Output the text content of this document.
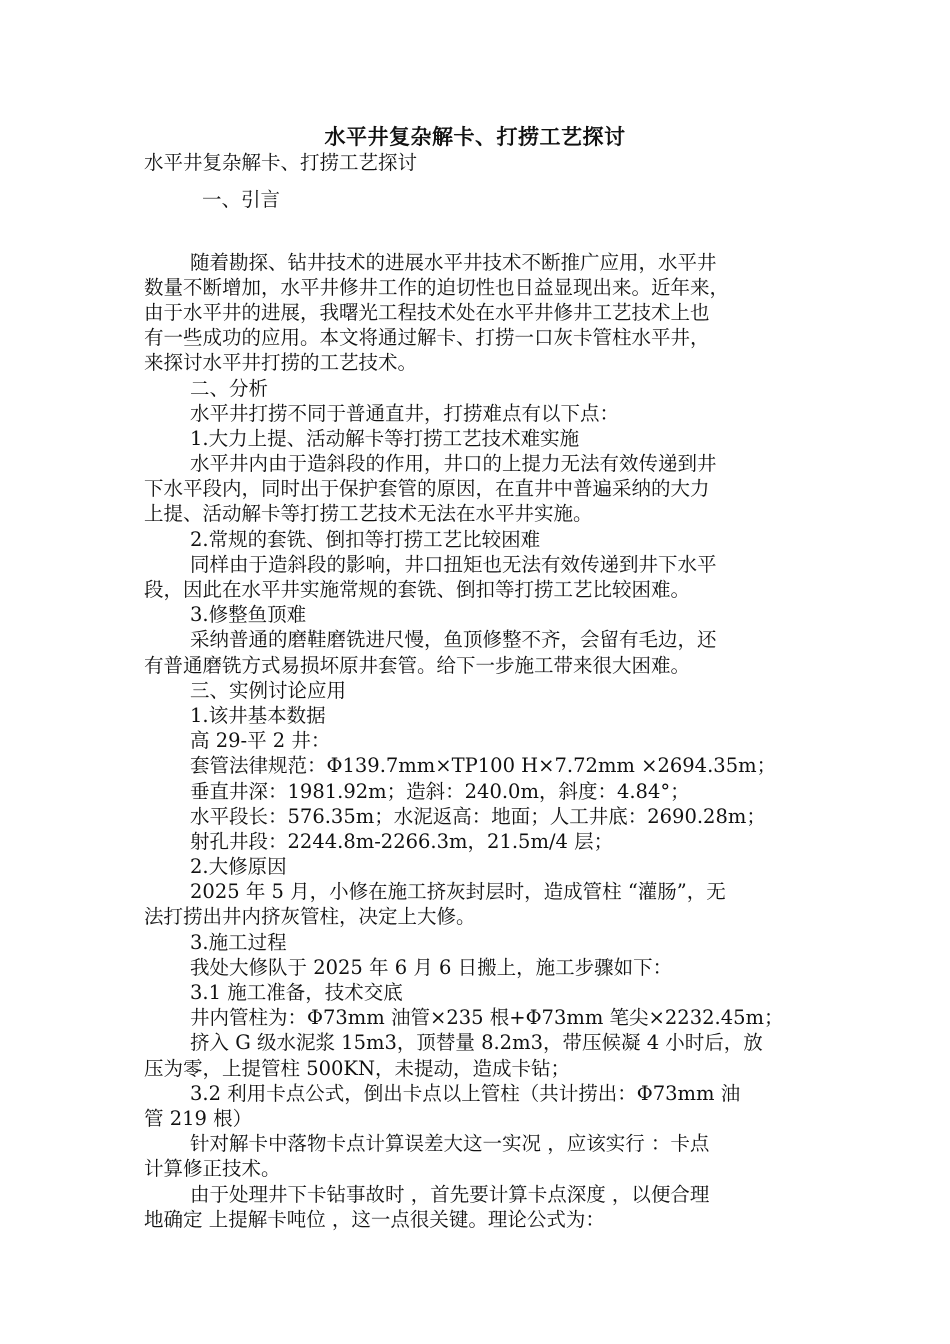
水平井复杂解卡、打捞工艺探讨
水平井复杂解卡、打捞工艺探讨
一、引言
随着勘探、钻井技术的进展水平井技术不断推广应用，水平井
数量不断增加，水平井修井工作的迫切性也日益显现出来。近年来，
由于水平井的进展，我曙光工程技术处在水平井修井工艺技术上也
有一些成功的应用。本文将通过解卡、打捞一口灰卡管柱水平井，
来探讨水平井打捞的工艺技术。
二、分析
水平井打捞不同于普通直井，打捞难点有以下点：
1.大力上提、活动解卡等打捞工艺技术难实施
水平井内由于造斜段的作用，井口的上提力无法有效传递到井
下水平段内，同时出于保护套管的原因，在直井中普遍采纳的大力
上提、活动解卡等打捞工艺技术无法在水平井实施。
2.常规的套铣、倒扣等打捞工艺比较困难
同样由于造斜段的影响，井口扭矩也无法有效传递到井下水平
段，因此在水平井实施常规的套铣、倒扣等打捞工艺比较困难。
3.修整鱼顶难
采纳普通的磨鞋磨铣进尺慢，鱼顶修整不齐，会留有毛边，还
有普通磨铣方式易损坏原井套管。给下一步施工带来很大困难。
三、实例讨论应用
1.该井基本数据
高 29-平 2 井：
套管法律规范：Φ139.7mm×TP100 H×7.72mm ×2694.35m；
垂直井深：1981.92m；造斜：240.0m，斜度：4.84°；
水平段长：576.35m；水泥返高：地面；人工井底：2690.28m；
射孔井段：2244.8m-2266.3m，21.5m/4 层；
2.大修原因
2025 年 5 月，小修在施工挤灰封层时，造成管柱 “灌肠”，无
法打捞出井内挤灰管柱，决定上大修。
3.施工过程
我处大修队于 2025 年 6 月 6 日搬上，施工步骤如下：
3.1 施工准备，技术交底
井内管柱为：Φ73mm 油管×235 根+Φ73mm 笔尖×2232.45m；
挤入 G 级水泥浆 15m3，顶替量 8.2m3，带压候凝 4 小时后，放
压为零，上提管柱 500KN，未提动，造成卡钻；
3.2 利用卡点公式，倒出卡点以上管柱（共计捞出：Φ73mm 油
管 219 根）
针对解卡中落物卡点计算误差大这一实况 ，应该实行 ：卡点
计算修正技术。
由于处理井下卡钻事故时 ，首先要计算卡点深度 ，以便合理
地确定 上提解卡吨位 ，这一点很关键。理论公式为：
